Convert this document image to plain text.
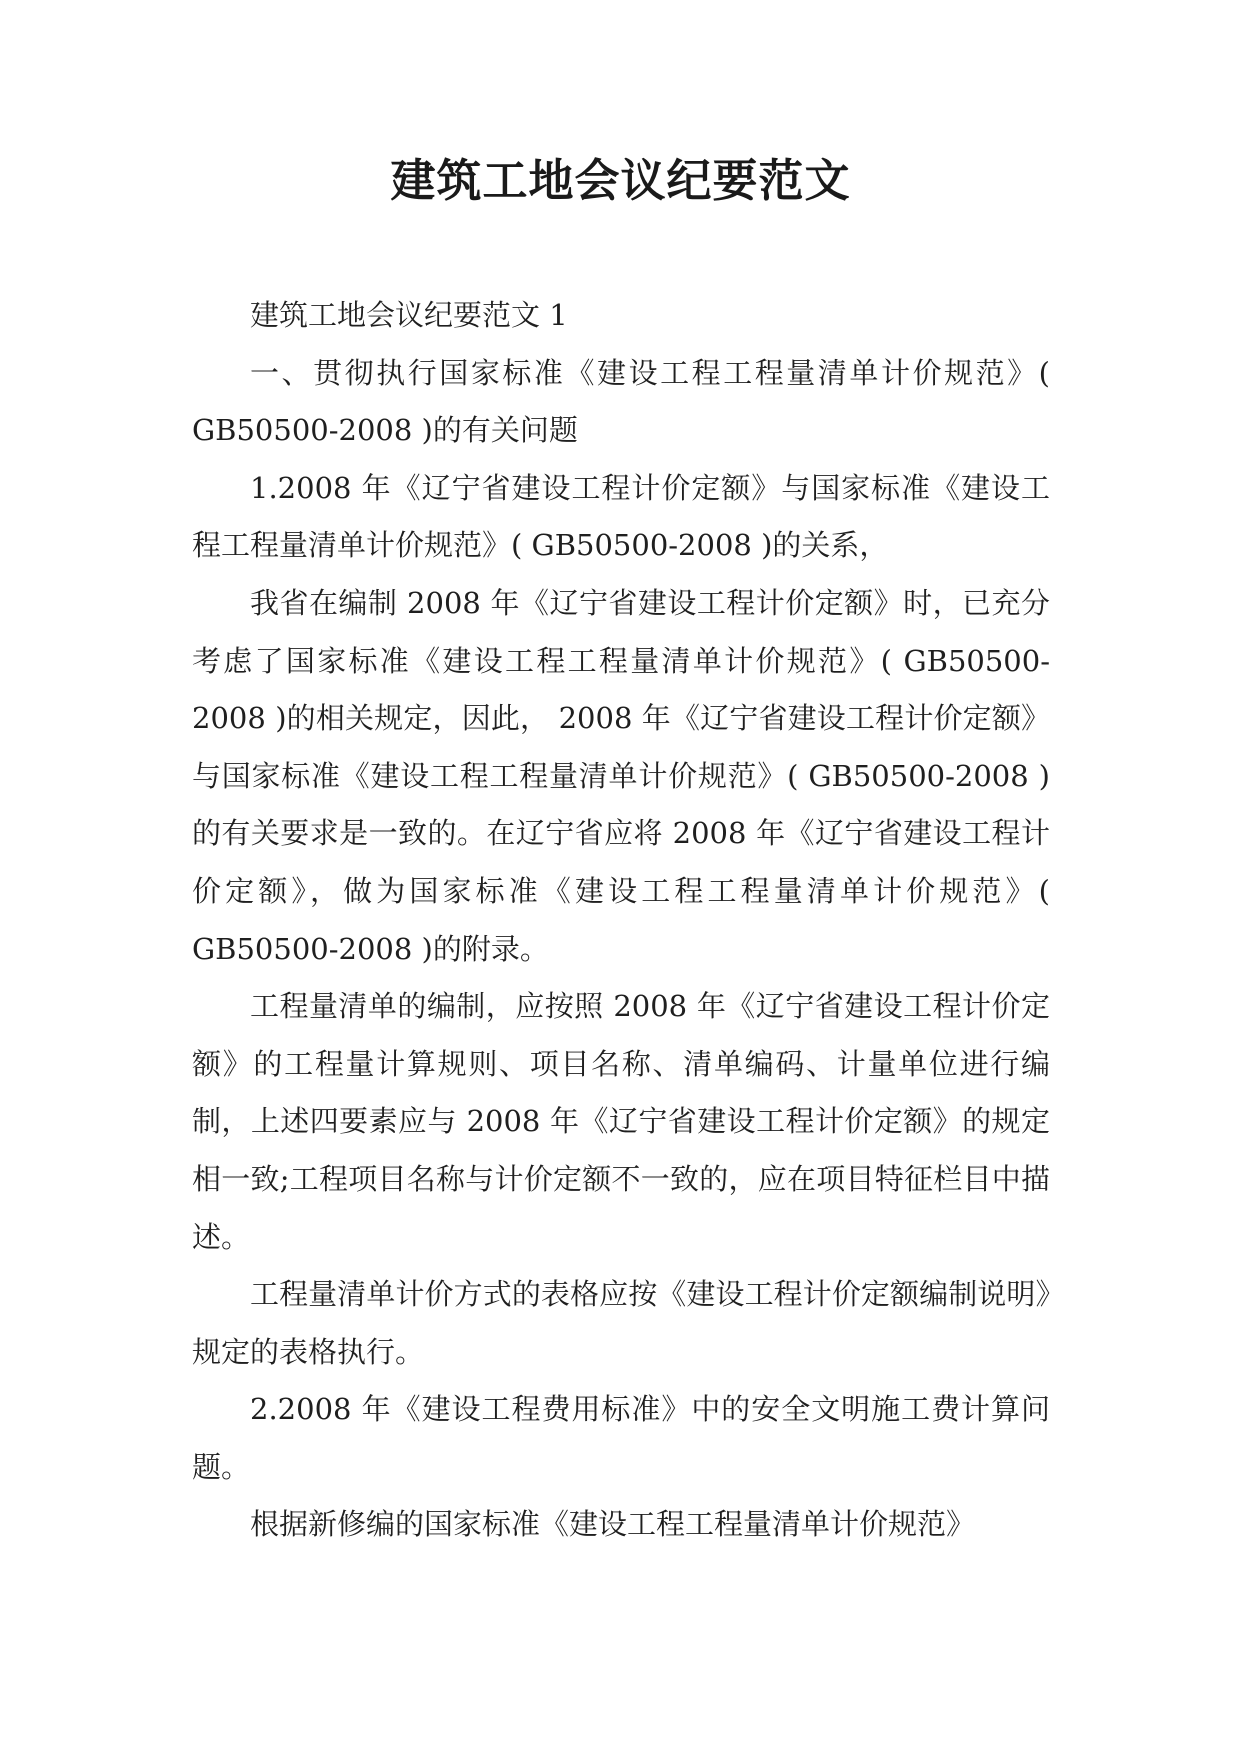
建筑工地会议纪要范文

建筑工地会议纪要范文 1

一、贯彻执行国家标准《建设工程工程量清单计价规范》( GB50500-2008 )的有关问题

1.2008 年《辽宁省建设工程计价定额》与国家标准《建设工程工程量清单计价规范》( GB50500-2008 )的关系，

我省在编制 2008 年《辽宁省建设工程计价定额》时，已充分考虑了国家标准《建设工程工程量清单计价规范》( GB50500-2008 )的相关规定，因此， 2008 年《辽宁省建设工程计价定额》与国家标准《建设工程工程量清单计价规范》( GB50500-2008 )的有关要求是一致的。在辽宁省应将 2008 年《辽宁省建设工程计价定额》，做为国家标准《建设工程工程量清单计价规范》( GB50500-2008 )的附录。

工程量清单的编制，应按照 2008 年《辽宁省建设工程计价定额》的工程量计算规则、项目名称、清单编码、计量单位进行编制，上述四要素应与 2008 年《辽宁省建设工程计价定额》的规定相一致;工程项目名称与计价定额不一致的，应在项目特征栏目中描述。

工程量清单计价方式的表格应按《建设工程计价定额编制说明》规定的表格执行。

2.2008 年《建设工程费用标准》中的安全文明施工费计算问题。

根据新修编的国家标准《建设工程工程量清单计价规范》
